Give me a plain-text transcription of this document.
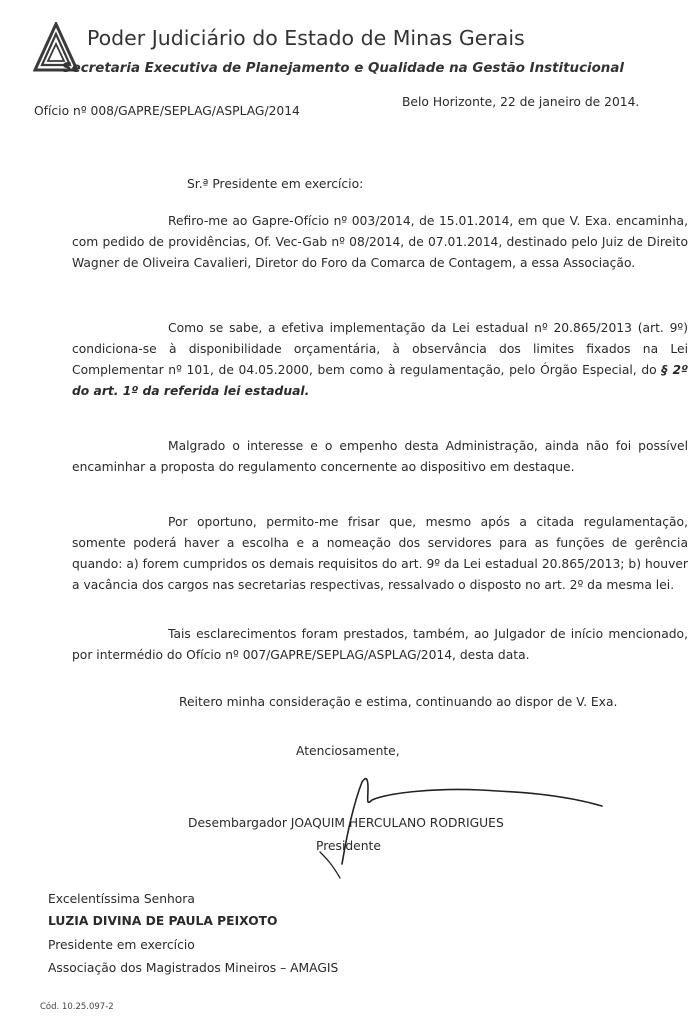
Poder Judiciário do Estado de Minas Gerais
Secretaria Executiva de Planejamento e Qualidade na Gestão Institucional
Ofício nº 008/GAPRE/SEPLAG/ASPLAG/2014
Belo Horizonte, 22 de janeiro de 2014.
Sr.ª Presidente em exercício:

Refiro-me ao Gapre-Ofício nº 003/2014, de 15.01.2014, em que V. Exa. encaminha, com pedido de providências, Of. Vec-Gab nº 08/2014, de 07.01.2014, destinado pelo Juiz de Direito Wagner de Oliveira Cavalieri, Diretor do Foro da Comarca de Contagem, a essa Associação.

Como se sabe, a efetiva implementação da Lei estadual nº 20.865/2013 (art. 9º) condiciona-se à disponibilidade orçamentária, à observância dos limites fixados na Lei Complementar nº 101, de 04.05.2000, bem como à regulamentação, pelo Órgão Especial, do § 2º do art. 1º da referida lei estadual.

Malgrado o interesse e o empenho desta Administração, ainda não foi possível encaminhar a proposta do regulamento concernente ao dispositivo em destaque.

Por oportuno, permito-me frisar que, mesmo após a citada regulamentação, somente poderá haver a escolha e a nomeação dos servidores para as funções de gerência quando: a) forem cumpridos os demais requisitos do art. 9º da Lei estadual 20.865/2013; b) houver a vacância dos cargos nas secretarias respectivas, ressalvado o disposto no art. 2º da mesma lei.

Tais esclarecimentos foram prestados, também, ao Julgador de início mencionado, por intermédio do Ofício nº 007/GAPRE/SEPLAG/ASPLAG/2014, desta data.

Reitero minha consideração e estima, continuando ao dispor de V. Exa.

Atenciosamente,
Desembargador JOAQUIM HERCULANO RODRIGUES
Presidente
Excelentíssima Senhora
LUZIA DIVINA DE PAULA PEIXOTO
Presidente em exercício
Associação dos Magistrados Mineiros – AMAGIS
Cód. 10.25.097-2
